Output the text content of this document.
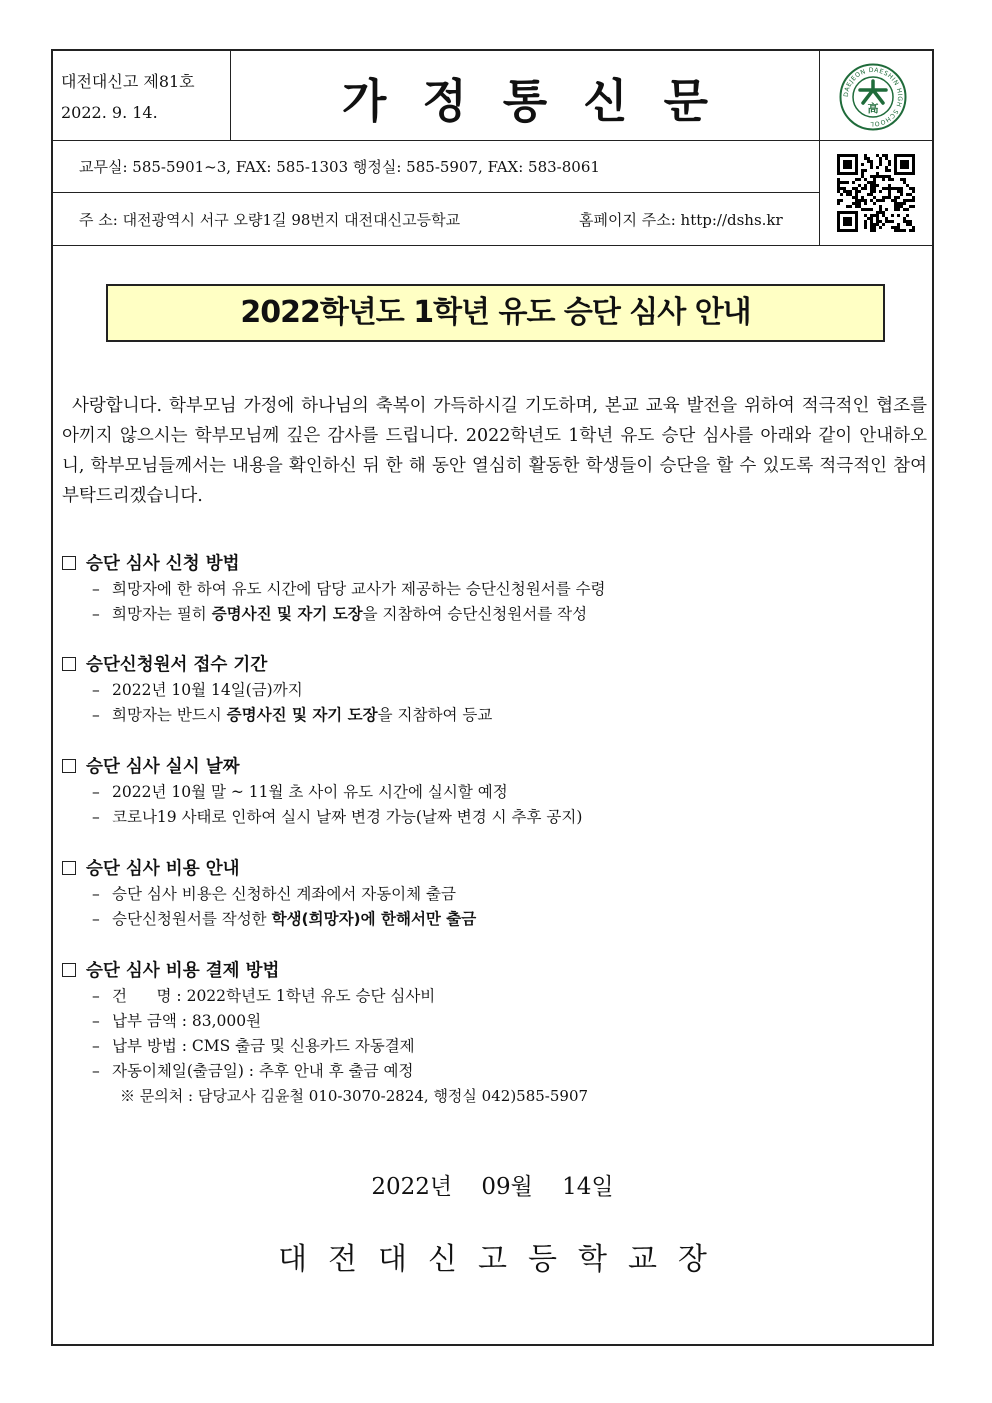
대전대신고 제81호
2022. 9. 14.	가정통신문	DAEJEON DAESHIN HIGH SCHOOL
高
교무실: 585-5901~3, FAX: 585-1303 행정실: 585-5907, FAX: 583-8061
주 소: 대전광역시 서구 오량1길 98번지 대전대신고등학교	홈페이지 주소: http://dshs.kr
2022학년도 1학년 유도 승단 심사 안내
사랑합니다. 학부모님 가정에 하나님의 축복이 가득하시길 기도하며, 본교 교육 발전을 위하여 적극적인 협조를 아끼지 않으시는 학부모님께 깊은 감사를 드립니다. 2022학년도 1학년 유도 승단 심사를 아래와 같이 안내하오니, 학부모님들께서는 내용을 확인하신 뒤 한 해 동안 열심히 활동한 학생들이 승단을 할 수 있도록 적극적인 참여 부탁드리겠습니다.
승단 심사 신청 방법
– 희망자에 한 하여 유도 시간에 담당 교사가 제공하는 승단신청원서를 수령
– 희망자는 필히 증명사진 및 자기 도장을 지참하여 승단신청원서를 작성
승단신청원서 접수 기간
– 2022년 10월 14일(금)까지
– 희망자는 반드시 증명사진 및 자기 도장을 지참하여 등교
승단 심사 실시 날짜
– 2022년 10월 말 ~ 11월 초 사이 유도 시간에 실시할 예정
– 코로나19 사태로 인하여 실시 날짜 변경 가능(날짜 변경 시 추후 공지)
승단 심사 비용 안내
– 승단 심사 비용은 신청하신 계좌에서 자동이체 출금
– 승단신청원서를 작성한 학생(희망자)에 한해서만 출금
승단 심사 비용 결제 방법
– 건      명 : 2022학년도 1학년 유도 승단 심사비
– 납부 금액 : 83,000원
– 납부 방법 : CMS 출금 및 신용카드 자동결제
– 자동이체일(출금일) : 추후 안내 후 출금 예정
※ 문의처 : 담당교사 김윤철 010-3070-2824, 행정실 042)585-5907
2022년    09월    14일
대전대신고등학교장
